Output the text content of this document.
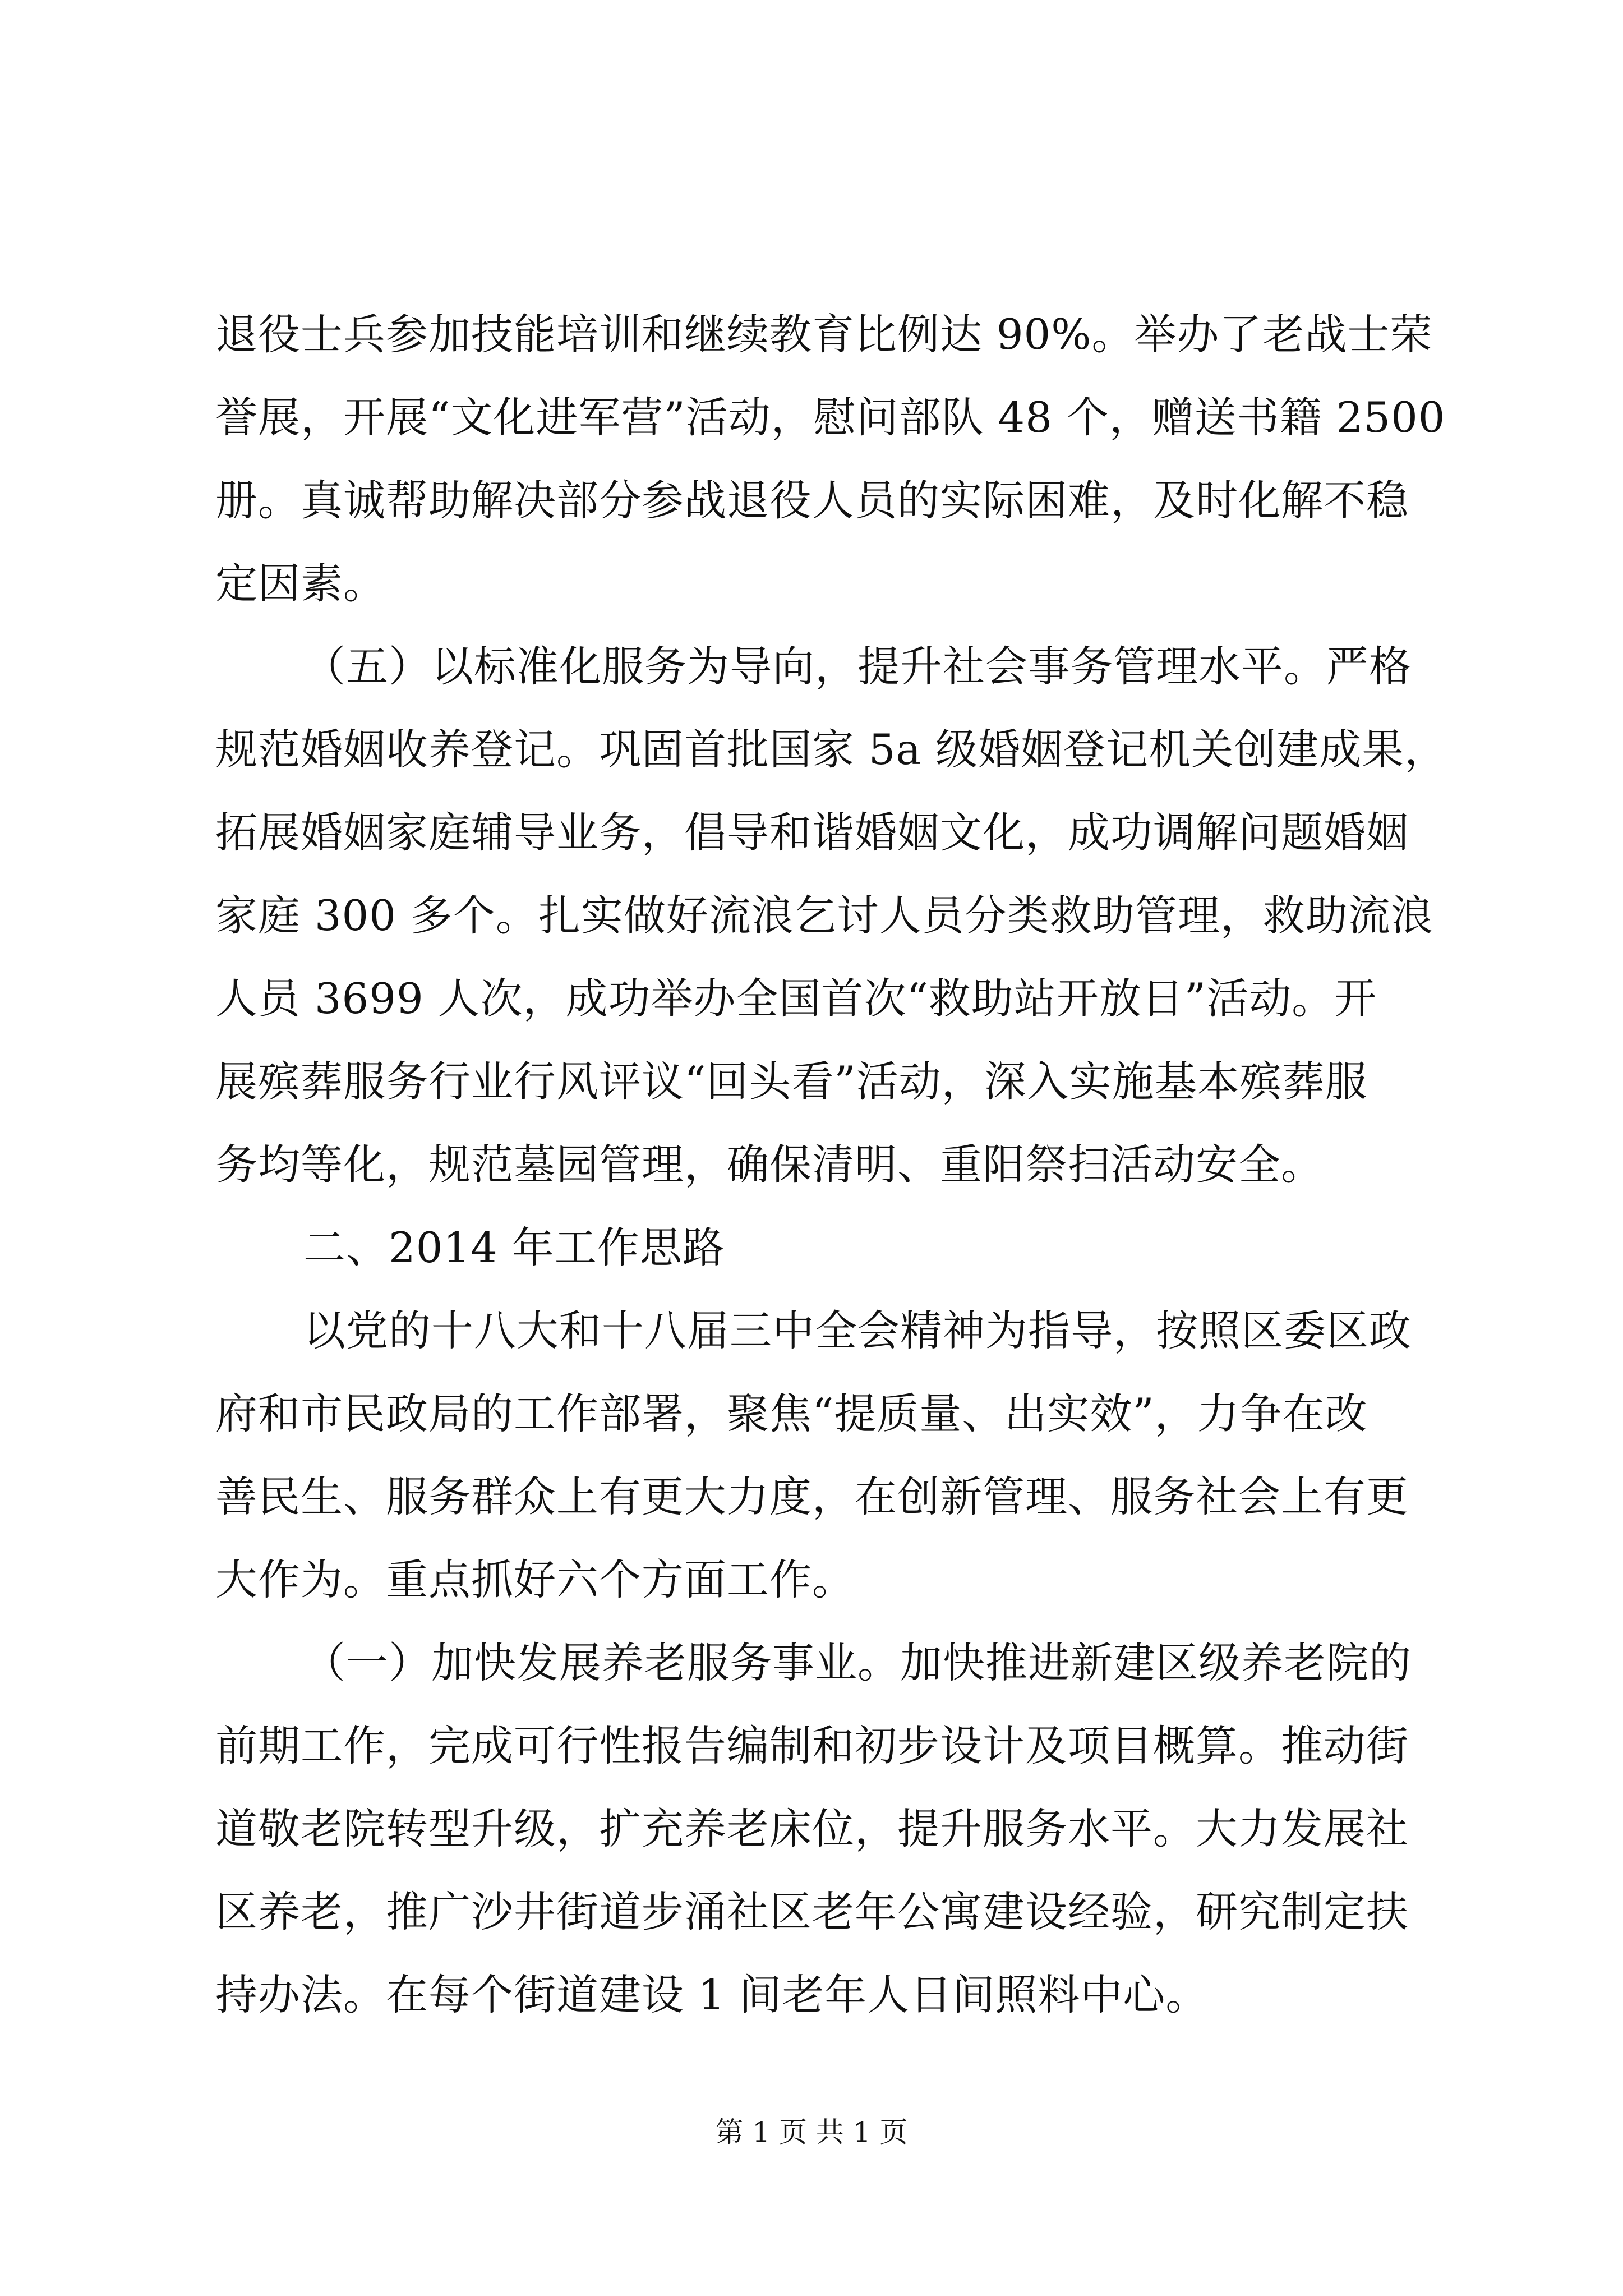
退役士兵参加技能培训和继续教育比例达 90%。举办了老战士荣
誉展，开展“文化进军营”活动，慰问部队 48 个，赠送书籍 2500
册。真诚帮助解决部分参战退役人员的实际困难，及时化解不稳
定因素。
（五）以标准化服务为导向，提升社会事务管理水平。严格
规范婚姻收养登记。巩固首批国家 5a 级婚姻登记机关创建成果，
拓展婚姻家庭辅导业务，倡导和谐婚姻文化，成功调解问题婚姻
家庭 300 多个。扎实做好流浪乞讨人员分类救助管理，救助流浪
人员 3699 人次，成功举办全国首次“救助站开放日”活动。开
展殡葬服务行业行风评议“回头看”活动，深入实施基本殡葬服
务均等化，规范墓园管理，确保清明、重阳祭扫活动安全。
二、2014 年工作思路
以党的十八大和十八届三中全会精神为指导，按照区委区政
府和市民政局的工作部署，聚焦“提质量、出实效”，力争在改
善民生、服务群众上有更大力度，在创新管理、服务社会上有更
大作为。重点抓好六个方面工作。
（一）加快发展养老服务事业。加快推进新建区级养老院的
前期工作，完成可行性报告编制和初步设计及项目概算。推动街
道敬老院转型升级，扩充养老床位，提升服务水平。大力发展社
区养老，推广沙井街道步涌社区老年公寓建设经验，研究制定扶
持办法。在每个街道建设 1 间老年人日间照料中心。
第 1 页 共 1 页
